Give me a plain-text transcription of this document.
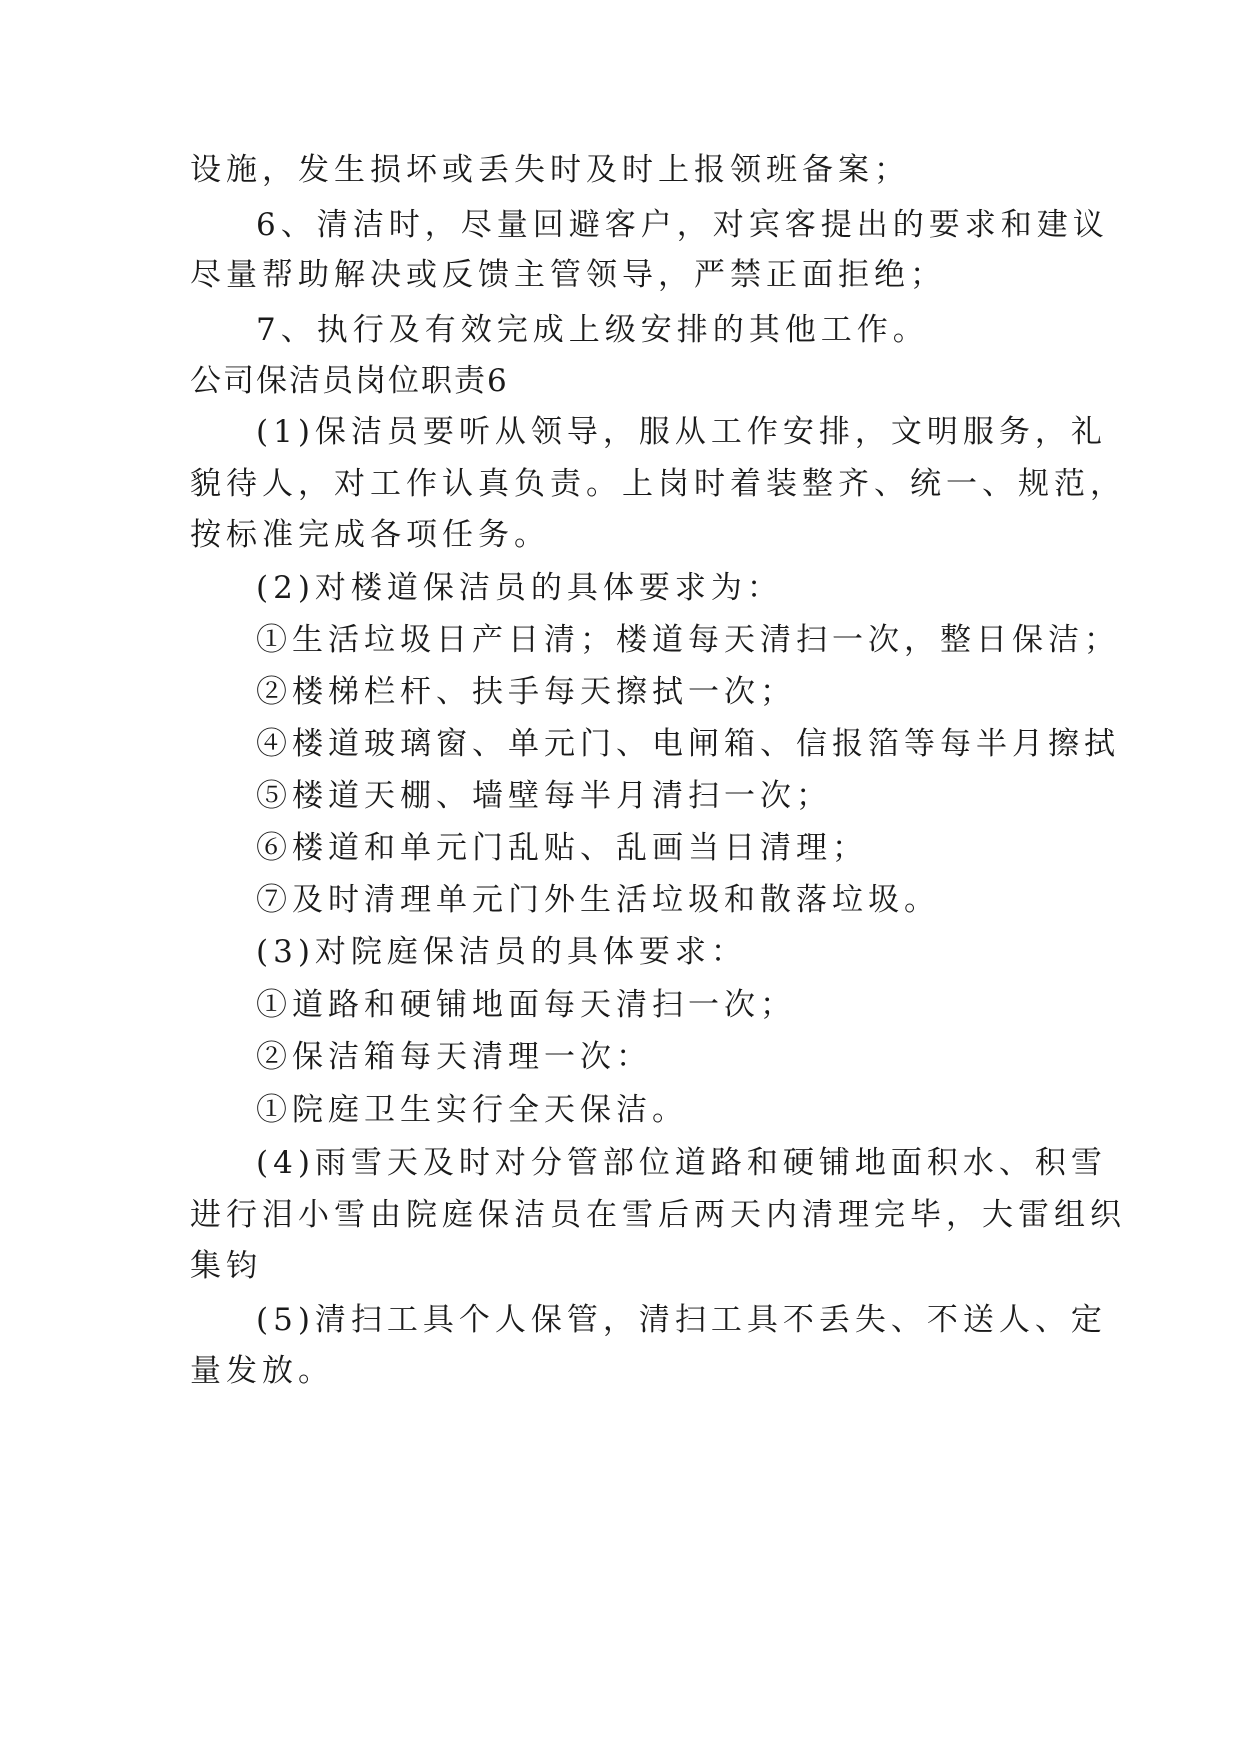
设施，发生损坏或丢失时及时上报领班备案；
6、清洁时，尽量回避客户，对宾客提出的要求和建议
尽量帮助解决或反馈主管领导，严禁正面拒绝；
7、执行及有效完成上级安排的其他工作。
公司保洁员岗位职责6
(1)保洁员要听从领导，服从工作安排，文明服务，礼
貌待人，对工作认真负责。上岗时着装整齐、统一、规范，
按标准完成各项任务。
(2)对楼道保洁员的具体要求为：
①生活垃圾日产日清；楼道每天清扫一次，整日保洁；
②楼梯栏杆、扶手每天擦拭一次；
④楼道玻璃窗、单元门、电闸箱、信报箔等每半月擦拭
⑤楼道天棚、墙壁每半月清扫一次；
⑥楼道和单元门乱贴、乱画当日清理；
⑦及时清理单元门外生活垃圾和散落垃圾。
(3)对院庭保洁员的具体要求：
①道路和硬铺地面每天清扫一次；
②保洁箱每天清理一次：
①院庭卫生实行全天保洁。
(4)雨雪天及时对分管部位道路和硬铺地面积水、积雪
进行泪小雪由院庭保洁员在雪后两天内清理完毕，大雷组织
集钧
(5)清扫工具个人保管，清扫工具不丢失、不送人、定
量发放。
